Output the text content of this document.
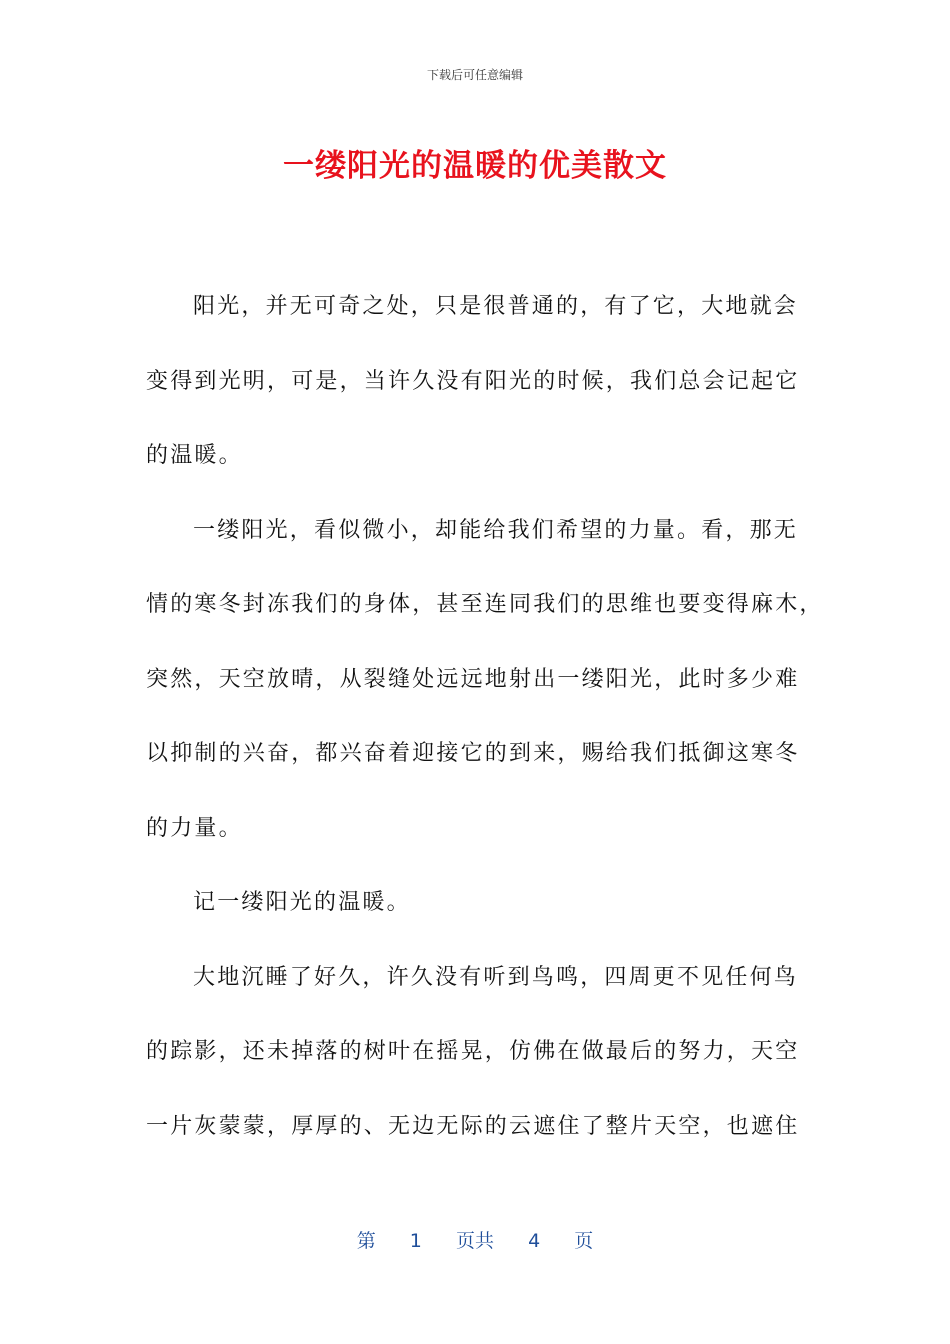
下载后可任意编辑
一缕阳光的温暖的优美散文
阳光，并无可奇之处，只是很普通的，有了它，大地就会
变得到光明，可是，当许久没有阳光的时候，我们总会记起它
的温暖。
一缕阳光，看似微小，却能给我们希望的力量。看，那无
情的寒冬封冻我们的身体，甚至连同我们的思维也要变得麻木，
突然，天空放晴，从裂缝处远远地射出一缕阳光，此时多少难
以抑制的兴奋，都兴奋着迎接它的到来，赐给我们抵御这寒冬
的力量。
记一缕阳光的温暖。
大地沉睡了好久，许久没有听到鸟鸣，四周更不见任何鸟
的踪影，还未掉落的树叶在摇晃，仿佛在做最后的努力，天空
一片灰蒙蒙，厚厚的、无边无际的云遮住了整片天空，也遮住
第 1 页共 4 页
